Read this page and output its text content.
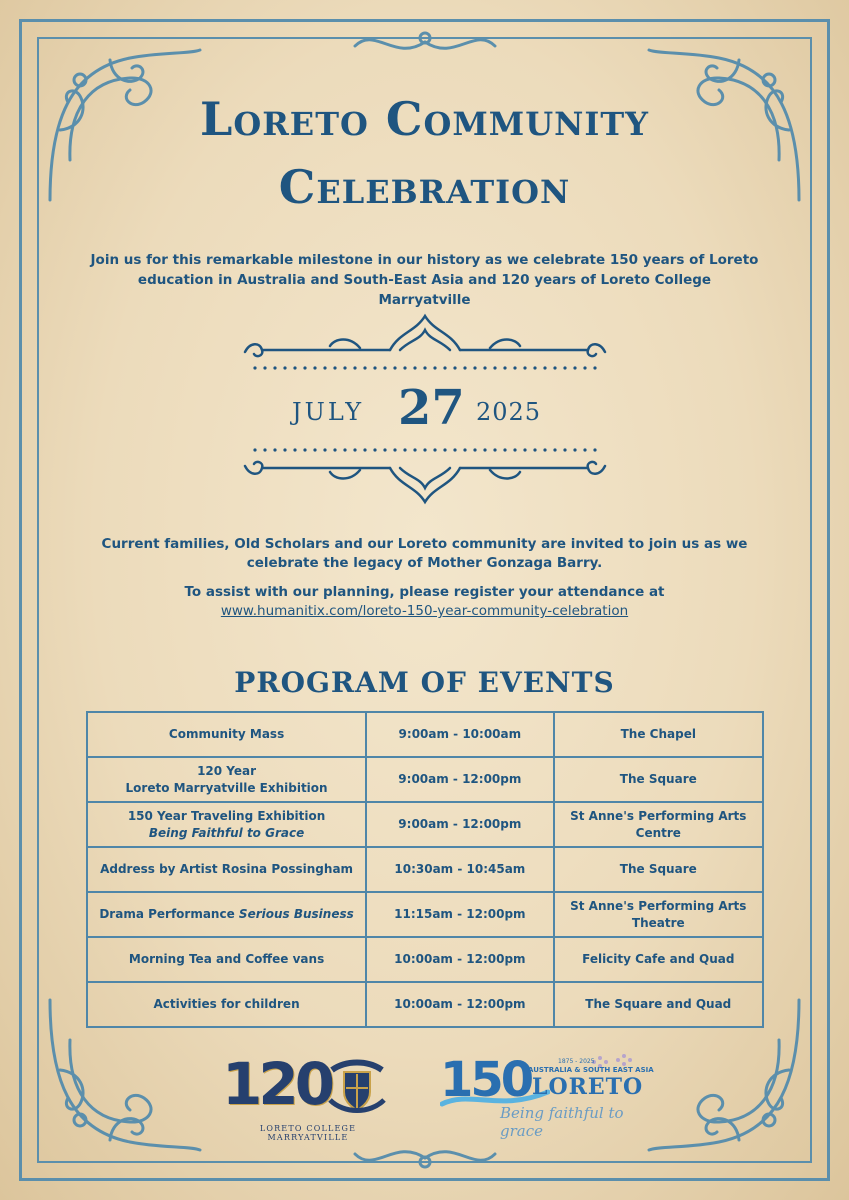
Loreto Community
Celebration

Join us for this remarkable milestone in our history as we celebrate 150 years of Loreto education in Australia and South-East Asia and 120 years of Loreto College Marryatville

JULY 27 2025

Current families, Old Scholars and our Loreto community are invited to join us as we celebrate the legacy of Mother Gonzaga Barry.

To assist with our planning, please register your attendance at
www.humanitix.com/loreto-150-year-community-celebration
PROGRAM OF EVENTS
Community Mass	9:00am - 10:00am	The Chapel
120 Year
Loreto Marryatville Exhibition	9:00am - 12:00pm	The Square
150 Year Traveling Exhibition
Being Faithful to Grace	9:00am - 12:00pm	St Anne's Performing Arts Centre
Address by Artist Rosina Possingham	10:30am - 10:45am	The Square
Drama Performance Serious Business	11:15am - 12:00pm	St Anne's Performing Arts Theatre
Morning Tea and Coffee vans	10:00am - 12:00pm	Felicity Cafe and Quad
Activities for children	10:00am - 12:00pm	The Square and Quad
120
LORETO COLLEGE MARRYATVILLE
150	1875 - 2025
AUSTRALIA & SOUTH EAST ASIA
LORETO
Being faithful to grace
